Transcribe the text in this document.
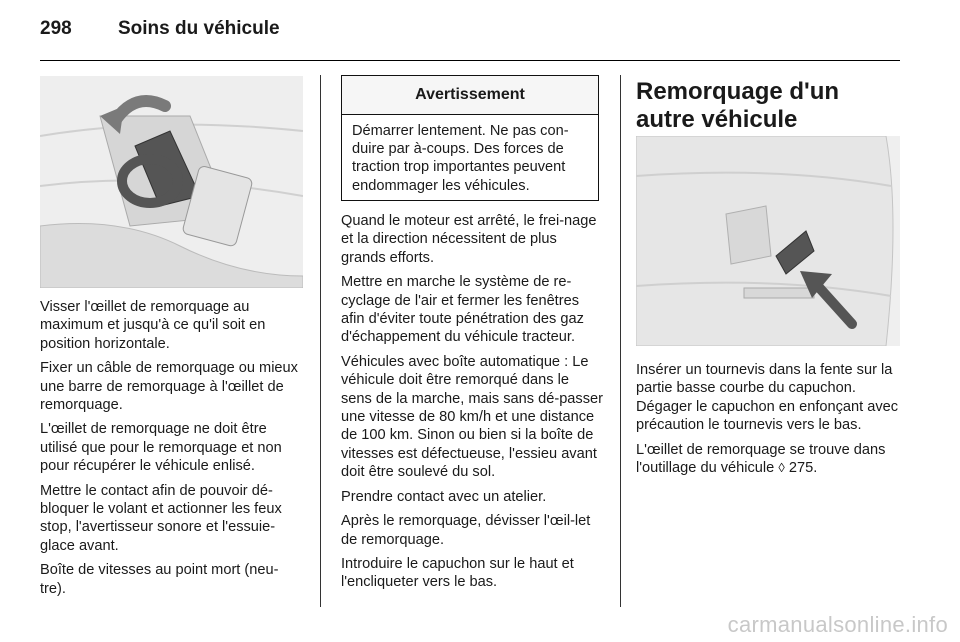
298 Soins du véhicule

Visser l'œillet de remorquage au maximum et jusqu'à ce qu'il soit en position horizontale.

Fixer un câble de remorquage ou mieux une barre de remorquage à l'œillet de remorquage.

L'œillet de remorquage ne doit être utilisé que pour le remorquage et non pour récupérer le véhicule enlisé.

Mettre le contact afin de pouvoir dé-bloquer le volant et actionner les feux stop, l'avertisseur sonore et l'essuie-glace avant.

Boîte de vitesses au point mort (neu-tre).

Avertissement
Démarrer lentement. Ne pas con-duire par à-coups. Des forces de traction trop importantes peuvent endommager les véhicules.

Quand le moteur est arrêté, le frei-nage et la direction nécessitent de plus grands efforts.

Mettre en marche le système de re-cyclage de l'air et fermer les fenêtres afin d'éviter toute pénétration des gaz d'échappement du véhicule tracteur.

Véhicules avec boîte automatique : Le véhicule doit être remorqué dans le sens de la marche, mais sans dé-passer une vitesse de 80 km/h et une distance de 100 km. Sinon ou bien si la boîte de vitesses est défectueuse, l'essieu avant doit être soulevé du sol.

Prendre contact avec un atelier.

Après le remorquage, dévisser l'œil-let de remorquage.

Introduire le capuchon sur le haut et l'encliqueter vers le bas.

Remorquage d'un autre véhicule

Insérer un tournevis dans la fente sur la partie basse courbe du capuchon. Dégager le capuchon en enfonçant avec précaution le tournevis vers le bas.

L'œillet de remorquage se trouve dans l'outillage du véhicule ◊ 275.

carmanualsonline.info
